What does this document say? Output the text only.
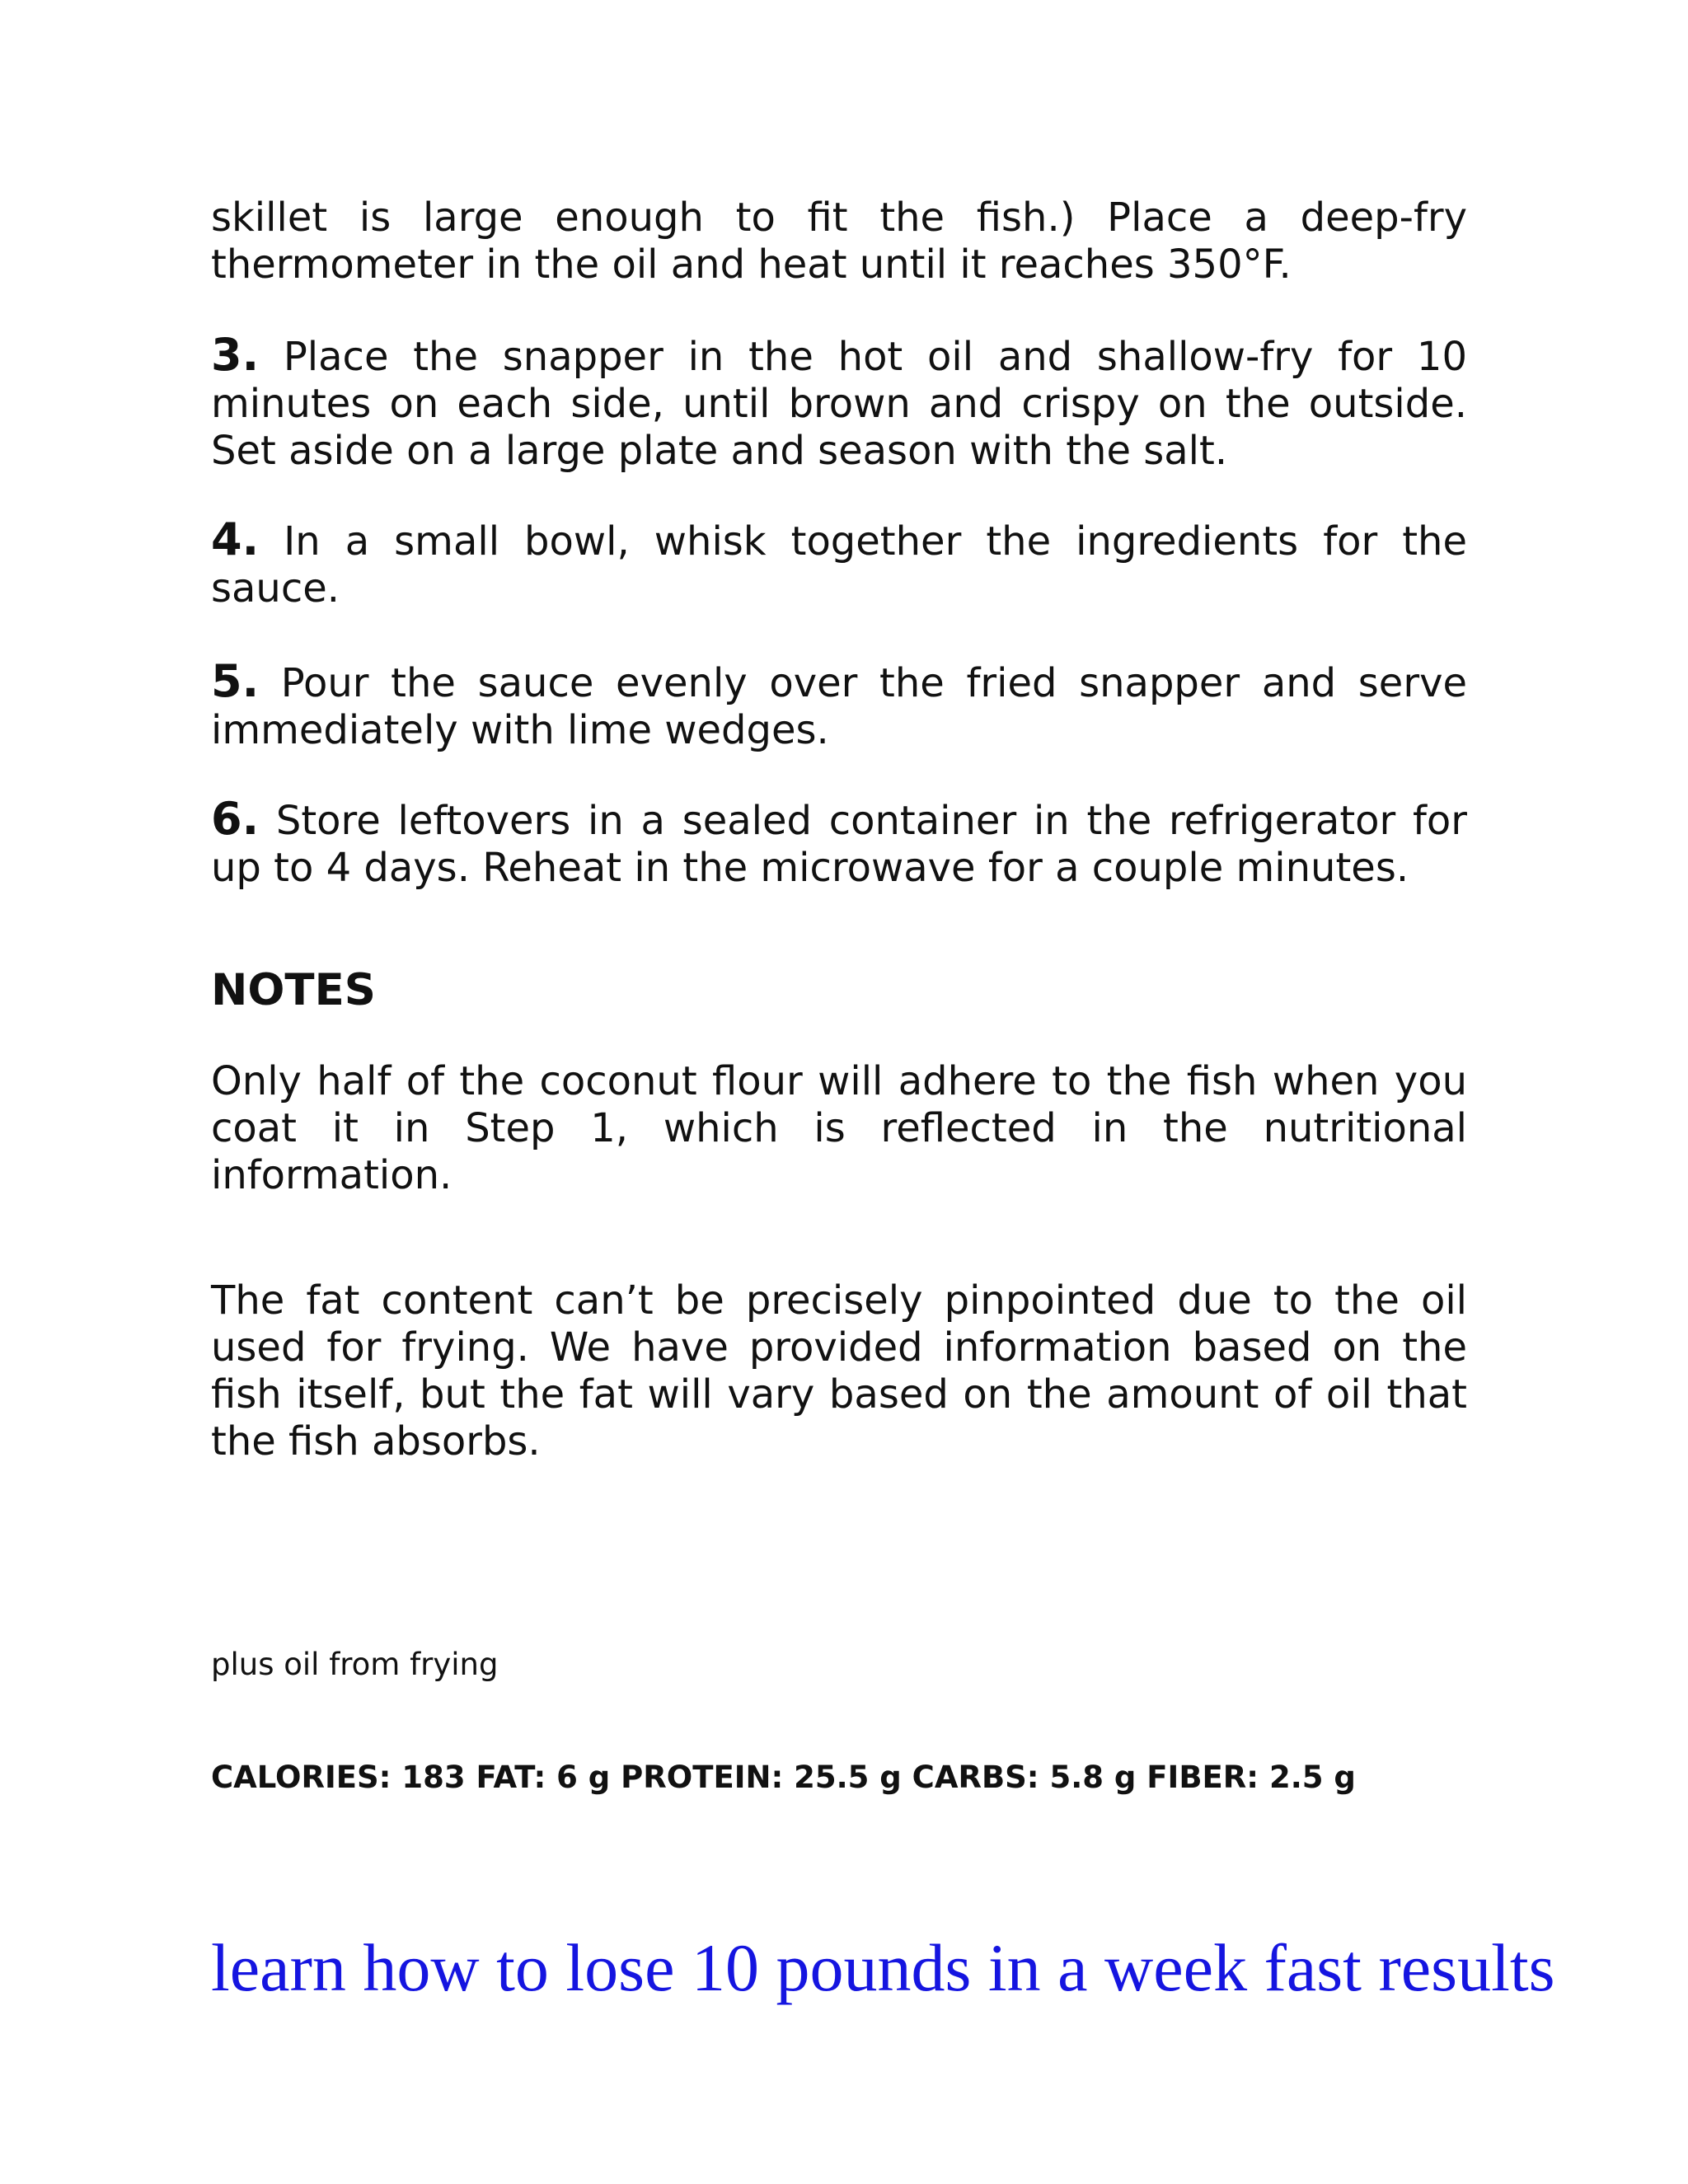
skillet is large enough to fit the fish.) Place a deep-fry thermometer in the oil and heat until it reaches 350°F.

3. Place the snapper in the hot oil and shallow-fry for 10 minutes on each side, until brown and crispy on the outside. Set aside on a large plate and season with the salt.

4. In a small bowl, whisk together the ingredients for the sauce.

5. Pour the sauce evenly over the fried snapper and serve immediately with lime wedges.

6. Store leftovers in a sealed container in the refrigerator for up to 4 days. Reheat in the microwave for a couple minutes.

NOTES

Only half of the coconut flour will adhere to the fish when you coat it in Step 1, which is reflected in the nutritional information.

The fat content can’t be precisely pinpointed due to the oil used for frying. We have provided information based on the fish itself, but the fat will vary based on the amount of oil that the fish absorbs.

plus oil from frying

CALORIES: 183 FAT: 6 g PROTEIN: 25.5 g CARBS: 5.8 g FIBER: 2.5 g

learn how to lose 10 pounds in a week fast results
